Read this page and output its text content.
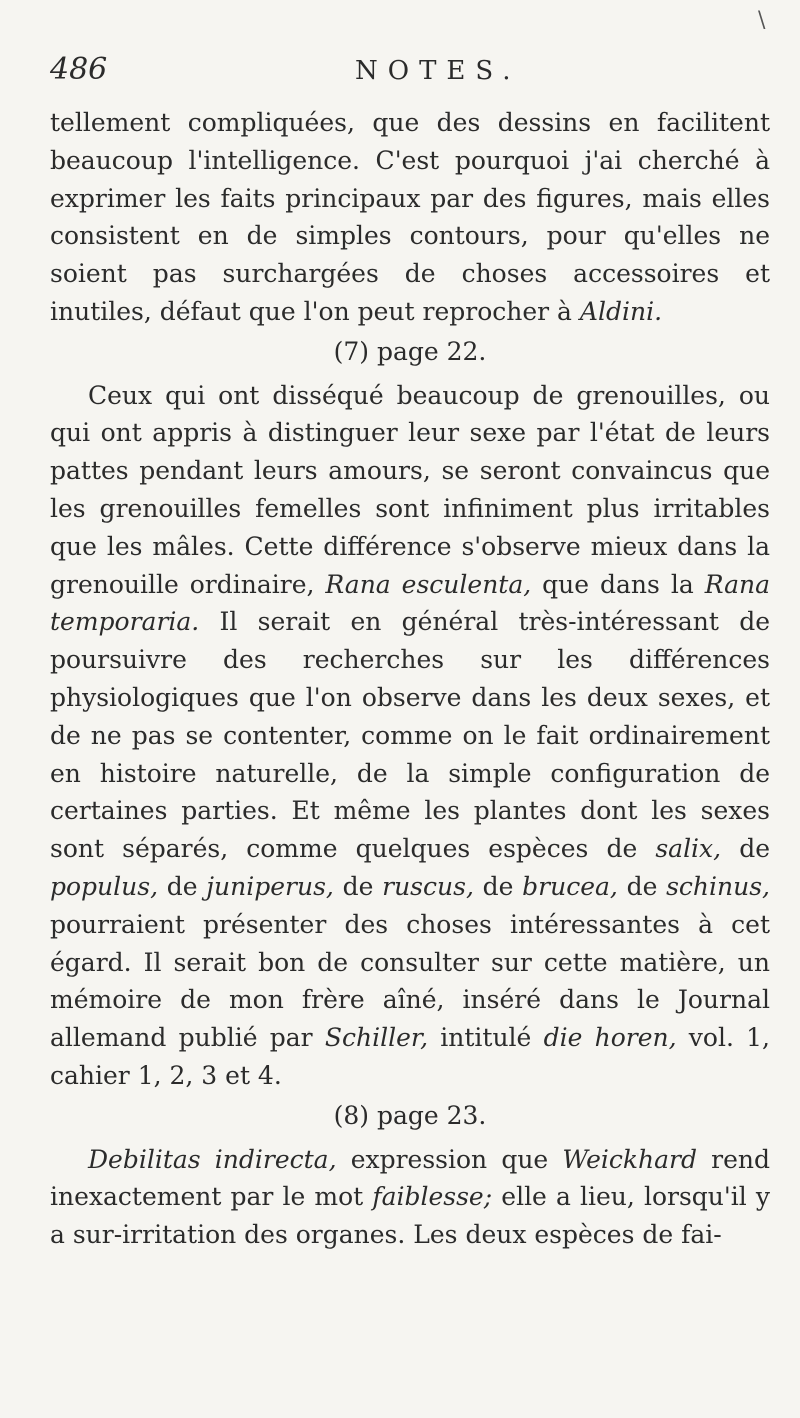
\
486	NOTES.

tellement compliquées, que des dessins en facilitent beaucoup l'intelligence. C'est pourquoi j'ai cherché à exprimer les faits principaux par des figures, mais elles consistent en de simples contours, pour qu'elles ne soient pas surchargées de choses accessoires et inutiles, défaut que l'on peut reprocher à Aldini.

(7) page 22.

Ceux qui ont disséqué beaucoup de grenouilles, ou qui ont appris à distinguer leur sexe par l'état de leurs pattes pendant leurs amours, se seront convaincus que les grenouilles femelles sont infiniment plus irritables que les mâles. Cette différence s'observe mieux dans la grenouille ordinaire, Rana esculenta, que dans la Rana temporaria. Il serait en général très-intéressant de poursuivre des recherches sur les différences physiologiques que l'on observe dans les deux sexes, et de ne pas se contenter, comme on le fait ordinairement en histoire naturelle, de la simple configuration de certaines parties. Et même les plantes dont les sexes sont séparés, comme quelques espèces de salix, de populus, de juniperus, de ruscus, de brucea, de schinus, pourraient présenter des choses intéressantes à cet égard. Il serait bon de consulter sur cette matière, un mémoire de mon frère aîné, inséré dans le Journal allemand publié par Schiller, intitulé die horen, vol. 1, cahier 1, 2, 3 et 4.

(8) page 23.

Debilitas indirecta, expression que Weickhard rend inexactement par le mot faiblesse; elle a lieu, lorsqu'il y a sur-irritation des organes. Les deux espèces de fai-
